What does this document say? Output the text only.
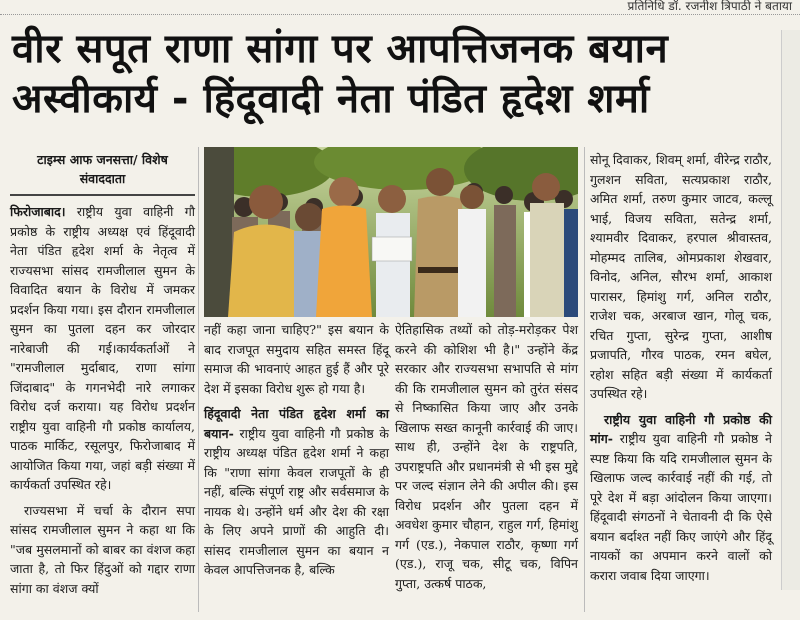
प्रतिनिधि डॉ. रजनीश त्रिपाठी ने बताया
वीर सपूत राणा सांगा पर आपत्तिजनक बयान
अस्वीकार्य - हिंदूवादी नेता पंडित हृदेश शर्मा
टाइम्स आफ जनसत्ता/ विशेष संवाददाता

फिरोजाबाद। राष्ट्रीय युवा वाहिनी गौ प्रकोष्ठ के राष्ट्रीय अध्यक्ष एवं हिंदूवादी नेता पंडित हृदेश शर्मा के नेतृत्व में राज्यसभा सांसद रामजीलाल सुमन के विवादित बयान के विरोध में जमकर प्रदर्शन किया गया। इस दौरान रामजीलाल सुमन का पुतला दहन कर जोरदार नारेबाजी की गई।कार्यकर्ताओं ने "रामजीलाल मुर्दाबाद, राणा सांगा जिंदाबाद" के गगनभेदी नारे लगाकर विरोध दर्ज कराया। यह विरोध प्रदर्शन राष्ट्रीय युवा वाहिनी गौ प्रकोष्ठ कार्यालय, पाठक मार्किट, रसूलपुर, फिरोजाबाद में आयोजित किया गया, जहां बड़ी संख्या में कार्यकर्ता उपस्थित रहे।

राज्यसभा में चर्चा के दौरान सपा सांसद रामजीलाल सुमन ने कहा था कि "जब मुसलमानों को बाबर का वंशज कहा जाता है, तो फिर हिंदुओं को गद्दार राणा सांगा का वंशज क्यों

नहीं कहा जाना चाहिए?" इस बयान के बाद राजपूत समुदाय सहित समस्त हिंदू समाज की भावनाएं आहत हुई हैं और पूरे देश में इसका विरोध शुरू हो गया है।

हिंदूवादी नेता पंडित हृदेश शर्मा का बयान- राष्ट्रीय युवा वाहिनी गौ प्रकोष्ठ के राष्ट्रीय अध्यक्ष पंडित हृदेश शर्मा ने कहा कि "राणा सांगा केवल राजपूतों के ही नहीं, बल्कि संपूर्ण राष्ट्र और सर्वसमाज के नायक थे। उन्होंने धर्म और देश की रक्षा के लिए अपने प्राणों की आहुति दी। सांसद रामजीलाल सुमन का बयान न केवल आपत्तिजनक है, बल्कि

ऐतिहासिक तथ्यों को तोड़-मरोड़कर पेश करने की कोशिश भी है।" उन्होंने केंद्र सरकार और राज्यसभा सभापति से मांग की कि रामजीलाल सुमन को तुरंत संसद से निष्कासित किया जाए और उनके खिलाफ सख्त कानूनी कार्रवाई की जाए। साथ ही, उन्होंने देश के राष्ट्रपति, उपराष्ट्रपति और प्रधानमंत्री से भी इस मुद्दे पर जल्द संज्ञान लेने की अपील की। इस विरोध प्रदर्शन और पुतला दहन में अवधेश कुमार चौहान, राहुल गर्ग, हिमांशु गर्ग (एड.), नेकपाल राठौर, कृष्णा गर्ग (एड.), राजू चक, सीटू चक, विपिन गुप्ता, उत्कर्ष पाठक,

सोनू दिवाकर, शिवम् शर्मा, वीरेन्द्र राठौर, गुलशन सविता, सत्यप्रकाश राठौर, अमित शर्मा, तरुण कुमार जाटव, कल्लू भाई, विजय सविता, सतेन्द्र शर्मा, श्यामवीर दिवाकर, हरपाल श्रीवास्तव, मोहम्मद तालिब, ओमप्रकाश शेखवार, विनोद, अनिल, सौरभ शर्मा, आकाश पारासर, हिमांशु गर्ग, अनिल राठौर, राजेश चक, अरबाज खान, गोलू चक, रचित गुप्ता, सुरेन्द्र गुप्ता, आशीष प्रजापति, गौरव पाठक, रमन बघेल, रहोश सहित बड़ी संख्या में कार्यकर्ता उपस्थित रहे।

राष्ट्रीय युवा वाहिनी गौ प्रकोष्ठ की मांग- राष्ट्रीय युवा वाहिनी गौ प्रकोष्ठ ने स्पष्ट किया कि यदि रामजीलाल सुमन के खिलाफ जल्द कार्रवाई नहीं की गई, तो पूरे देश में बड़ा आंदोलन किया जाएगा। हिंदूवादी संगठनों ने चेतावनी दी कि ऐसे बयान बर्दाश्त नहीं किए जाएंगे और हिंदू नायकों का अपमान करने वालों को करारा जवाब दिया जाएगा।
